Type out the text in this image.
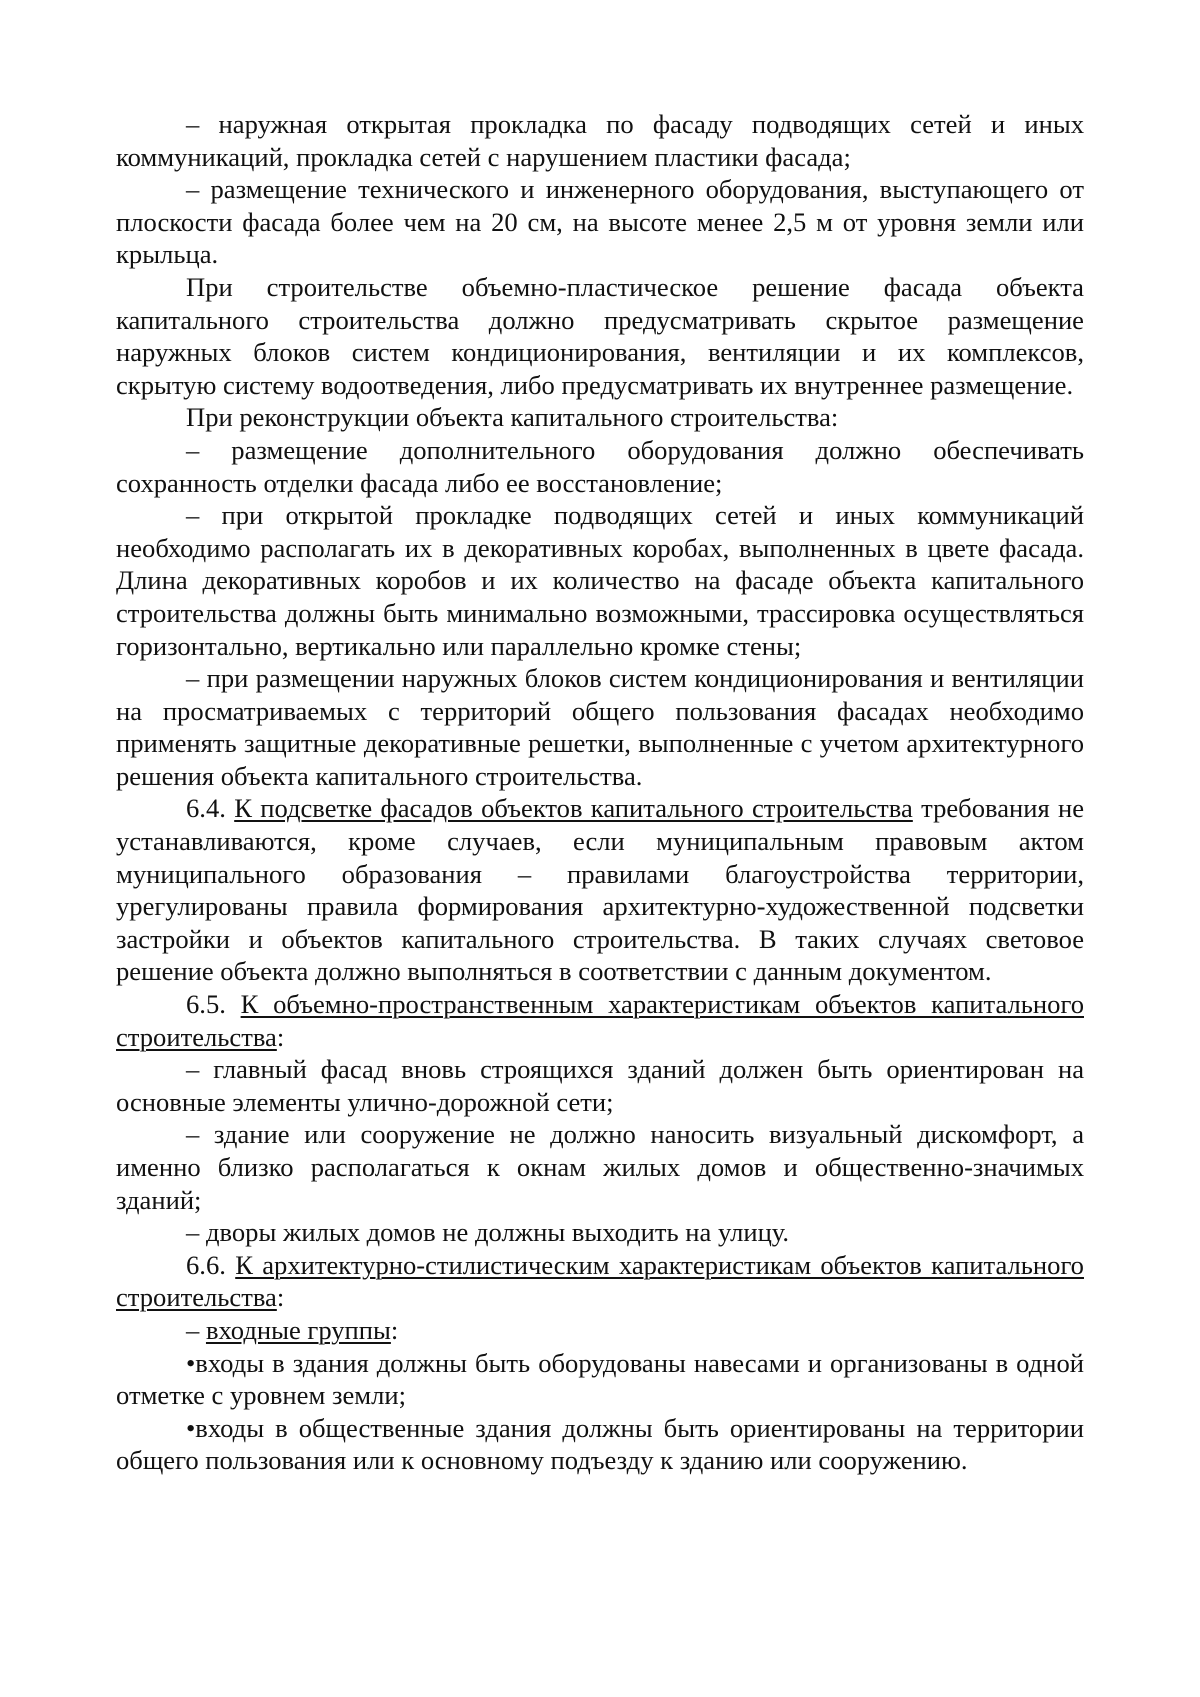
– наружная открытая прокладка по фасаду подводящих сетей и иных коммуникаций, прокладка сетей с нарушением пластики фасада;

– размещение технического и инженерного оборудования, выступающего от плоскости фасада более чем на 20 см, на высоте менее 2,5 м от уровня земли или крыльца.

При строительстве объемно-пластическое решение фасада объекта капитального строительства должно предусматривать скрытое размещение наружных блоков систем кондиционирования, вентиляции и их комплексов, скрытую систему водоотведения, либо предусматривать их внутреннее размещение.

При реконструкции объекта капитального строительства:

– размещение дополнительного оборудования должно обеспечивать сохранность отделки фасада либо ее восстановление;

– при открытой прокладке подводящих сетей и иных коммуникаций необходимо располагать их в декоративных коробах, выполненных в цвете фасада. Длина декоративных коробов и их количество на фасаде объекта капитального строительства должны быть минимально возможными, трассировка осуществляться горизонтально, вертикально или параллельно кромке стены;

– при размещении наружных блоков систем кондиционирования и вентиляции на просматриваемых с территорий общего пользования фасадах необходимо применять защитные декоративные решетки, выполненные с учетом архитектурного решения объекта капитального строительства.

6.4. К подсветке фасадов объектов капитального строительства требования не устанавливаются, кроме случаев, если муниципальным правовым актом муниципального образования – правилами благоустройства территории, урегулированы правила формирования архитектурно-художественной подсветки застройки и объектов капитального строительства. В таких случаях световое решение объекта должно выполняться в соответствии с данным документом.

6.5. К объемно-пространственным характеристикам объектов капитального строительства:

– главный фасад вновь строящихся зданий должен быть ориентирован на основные элементы улично-дорожной сети;

– здание или сооружение не должно наносить визуальный дискомфорт, а именно близко располагаться к окнам жилых домов и общественно-значимых зданий;

– дворы жилых домов не должны выходить на улицу.

6.6. К архитектурно-стилистическим характеристикам объектов капитального строительства:

– входные группы:

•входы в здания должны быть оборудованы навесами и организованы в одной отметке с уровнем земли;

•входы в общественные здания должны быть ориентированы на территории общего пользования или к основному подъезду к зданию или сооружению.
